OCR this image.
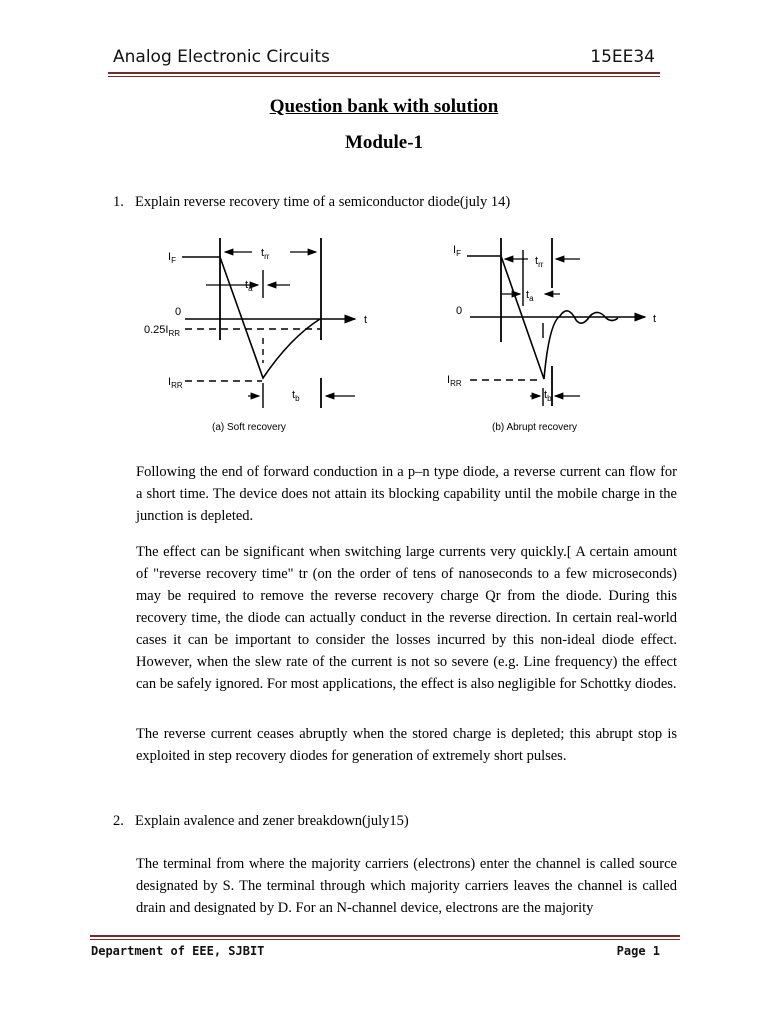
Analog Electronic Circuits	15EE34
Question bank with solution
Module-1
1. Explain reverse recovery time of a semiconductor diode(july 14)
$I_F$
$t_{rr}$
$t_a$
0
$0.25I_{RR}$
$I_{RR}$
$t_b$
t
(a) Soft recovery
$I_F$
$t_{rr}$
$t_a$
0
$I_{RR}$
$t_b$
t
(b) Abrupt recovery
Following the end of forward conduction in a p–n type diode, a reverse current can flow for a short time. The device does not attain its blocking capability until the mobile charge in the junction is depleted.
The effect can be significant when switching large currents very quickly.[ A certain amount of "reverse recovery time" tr (on the order of tens of nanoseconds to a few microseconds) may be required to remove the reverse recovery charge Qr from the diode. During this recovery time, the diode can actually conduct in the reverse direction. In certain real-world cases it can be important to consider the losses incurred by this non-ideal diode effect. However, when the slew rate of the current is not so severe (e.g. Line frequency) the effect can be safely ignored. For most applications, the effect is also negligible for Schottky diodes.
The reverse current ceases abruptly when the stored charge is depleted; this abrupt stop is exploited in step recovery diodes for generation of extremely short pulses.
2. Explain avalence and zener breakdown(july15)
The terminal from where the majority carriers (electrons) enter the channel is called source designated by S. The terminal through which majority carriers leaves the channel is called drain and designated by D. For an N-channel device, electrons are the majority
Department of EEE, SJBIT	Page 1
